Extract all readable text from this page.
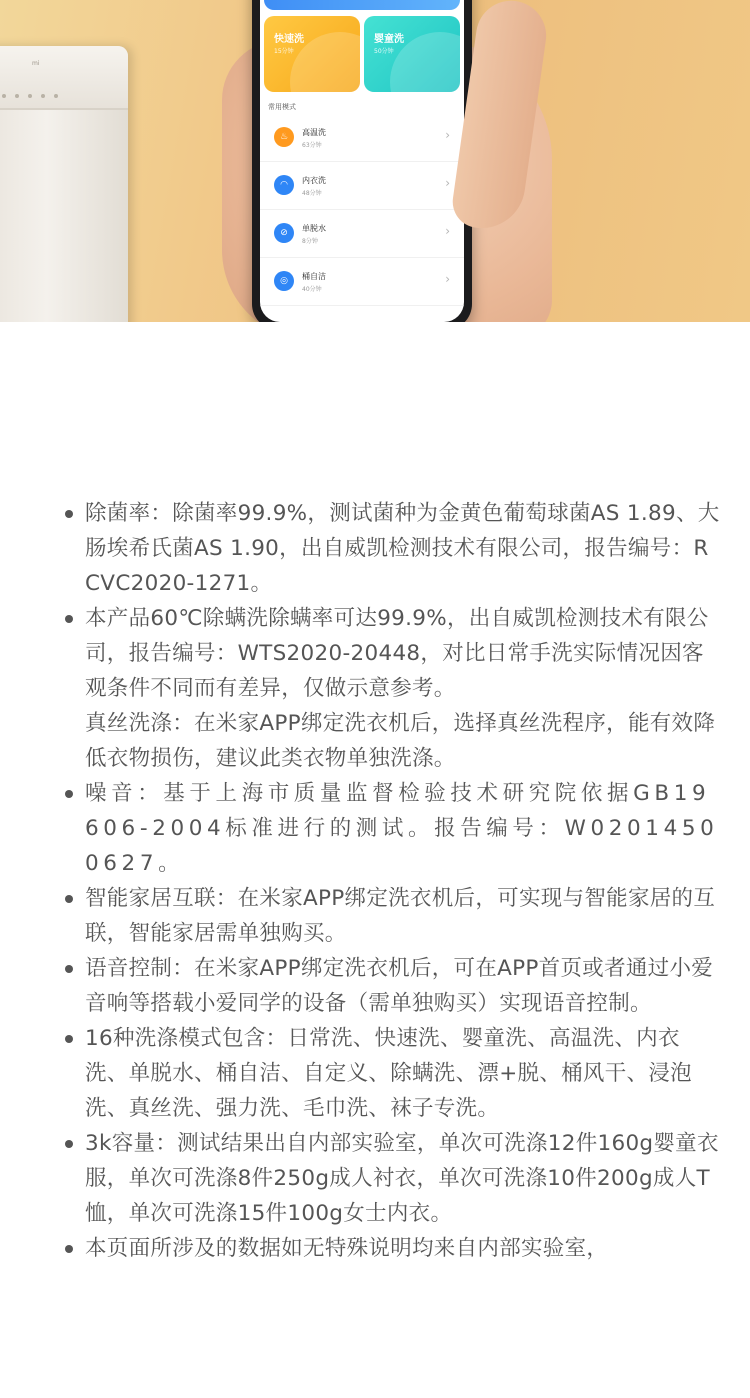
mi
快速洗
15分钟
婴童洗
50分钟
常用模式
♨	高温洗
63分钟
›
◠	内衣洗
48分钟
›
⊘	单脱水
8分钟
›
◎	桶自洁
40分钟
›
除菌率：除菌率99.9%，测试菌种为金黄色葡萄球菌AS 1.89、大肠埃希氏菌AS 1.90，出自威凯检测技术有限公司，报告编号：RCVC2020-1271。
本产品60℃除螨洗除螨率可达99.9%，出自威凯检测技术有限公司，报告编号：WTS2020-20448，对比日常手洗实际情况因客观条件不同而有差异，仅做示意参考。
真丝洗涤：在米家APP绑定洗衣机后，选择真丝洗程序，能有效降低衣物损伤，建议此类衣物单独洗涤。
噪音：基于上海市质量监督检验技术研究院依据GB19606-2004标准进行的测试。报告编号：W02014500627。
智能家居互联：在米家APP绑定洗衣机后，可实现与智能家居的互联，智能家居需单独购买。
语音控制：在米家APP绑定洗衣机后，可在APP首页或者通过小爱音响等搭载小爱同学的设备（需单独购买）实现语音控制。
16种洗涤模式包含：日常洗、快速洗、婴童洗、高温洗、内衣洗、单脱水、桶自洁、自定义、除螨洗、漂+脱、桶风干、浸泡洗、真丝洗、强力洗、毛巾洗、袜子专洗。
3k容量：测试结果出自内部实验室，单次可洗涤12件160g婴童衣服，单次可洗涤8件250g成人衬衣，单次可洗涤10件200g成人T恤，单次可洗涤15件100g女士内衣。
本页面所涉及的数据如无特殊说明均来自内部实验室，
